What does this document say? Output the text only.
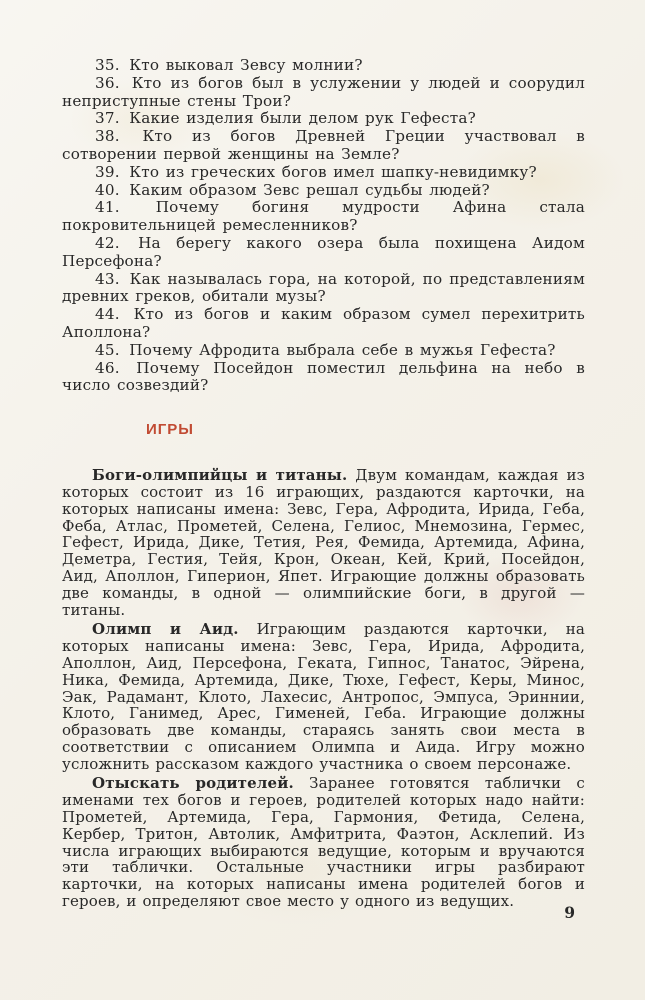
35. Кто выковал Зевсу молнии?

36. Кто из богов был в услужении у людей и соорудил неприступные стены Трои?

37. Какие изделия были делом рук Гефеста?

38. Кто из богов Древней Греции участвовал в сотворении первой женщины на Земле?

39. Кто из греческих богов имел шапку-невидимку?

40. Каким образом Зевс решал судьбы людей?

41. Почему богиня мудрости Афина стала покровительницей ремесленников?

42. На берегу какого озера была похищена Аидом Персефона?

43. Как называлась гора, на которой, по представлениям древних греков, обитали музы?

44. Кто из богов и каким образом сумел перехитрить Аполлона?

45. Почему Афродита выбрала себе в мужья Гефеста?

46. Почему Посейдон поместил дельфина на небо в число созвездий?

ИГРЫ

Боги-олимпийцы и титаны. Двум командам, каждая из которых состоит из 16 играющих, раздаются карточки, на которых написаны имена: Зевс, Гера, Афродита, Ирида, Геба, Феба, Атлас, Прометей, Селена, Гелиос, Мнемозина, Гермес, Гефест, Ирида, Дике, Тетия, Рея, Фемида, Артемида, Афина, Деметра, Гестия, Тейя, Крон, Океан, Кей, Крий, Посейдон, Аид, Аполлон, Гиперион, Япет. Играющие должны образовать две команды, в одной — олимпийские боги, в другой — титаны.

Олимп и Аид. Играющим раздаются карточки, на которых написаны имена: Зевс, Гера, Ирида, Афродита, Аполлон, Аид, Персефона, Геката, Гипнос, Танатос, Эйрена, Ника, Фемида, Артемида, Дике, Тюхе, Гефест, Керы, Минос, Эак, Радамант, Клото, Лахесис, Антропос, Эмпуса, Эриннии, Клото, Ганимед, Арес, Гименей, Геба. Играющие должны образовать две команды, стараясь занять свои места в соответствии с описанием Олимпа и Аида. Игру можно усложнить рассказом каждого участника о своем персонаже.

Отыскать родителей. Заранее готовятся таблички с именами тех богов и героев, родителей которых надо найти: Прометей, Артемида, Гера, Гармония, Фетида, Селена, Кербер, Тритон, Автолик, Амфитрита, Фаэтон, Асклепий. Из числа играющих выбираются ведущие, которым и вручаются эти таблички. Остальные участники игры разбирают карточки, на которых написаны имена родителей богов и героев, и определяют свое место у одного из ведущих.

9
